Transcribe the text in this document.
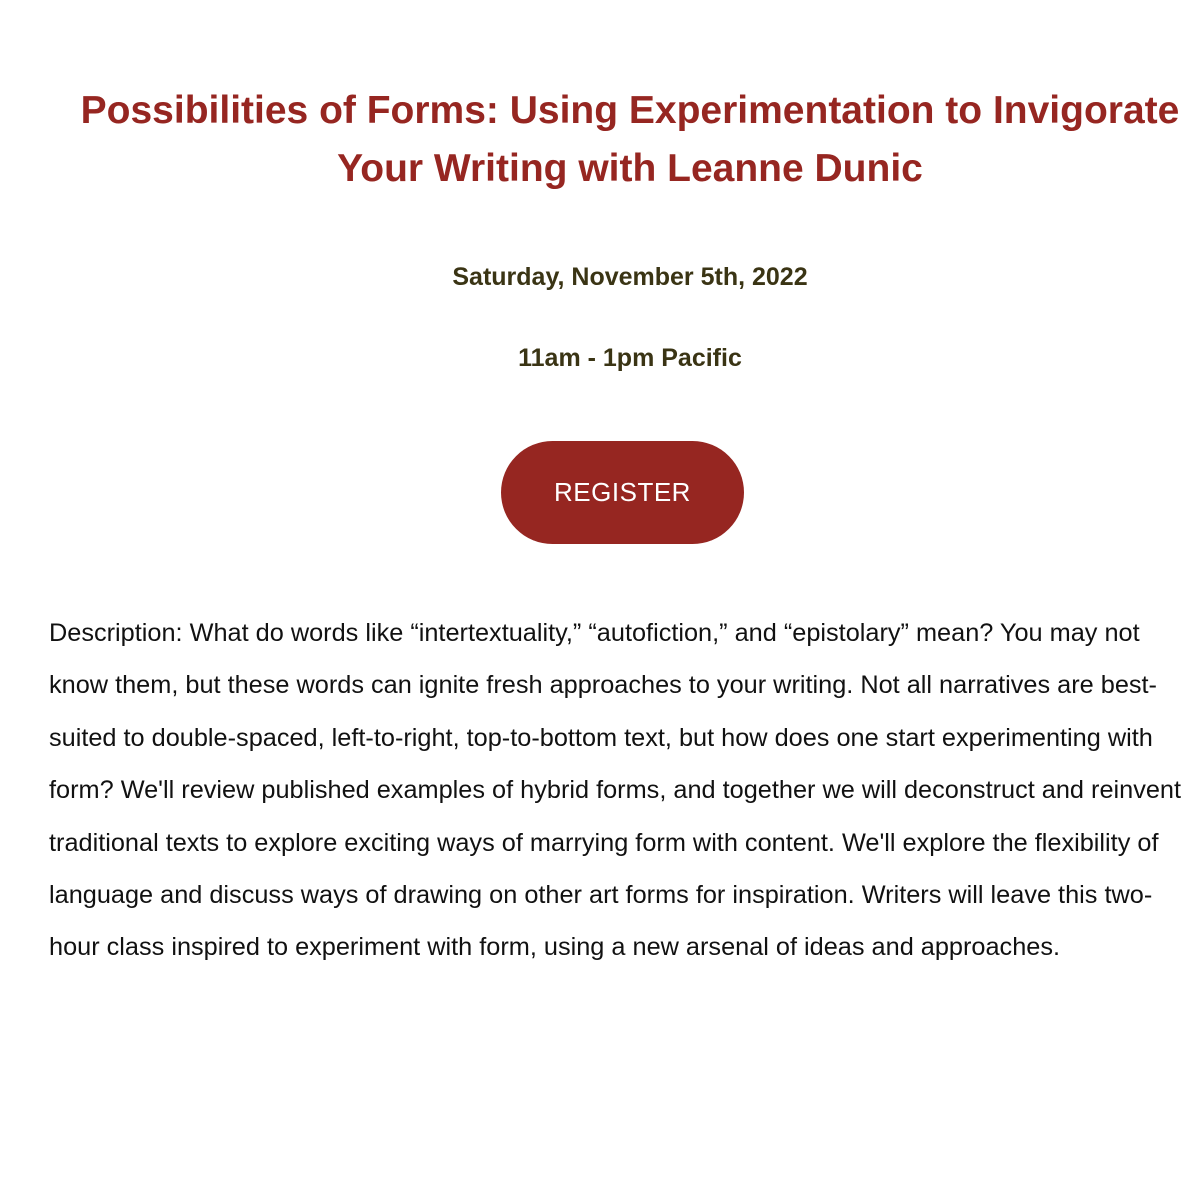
Possibilities of Forms: Using Experimentation to Invigorate Your Writing with Leanne Dunic

Saturday, November 5th, 2022

11am - 1pm Pacific

REGISTER

Description: What do words like “intertextuality,” “autofiction,” and “epistolary” mean? You may not know them, but these words can ignite fresh approaches to your writing. Not all narratives are best-suited to double-spaced, left-to-right, top-to-bottom text, but how does one start experimenting with form? We'll review published examples of hybrid forms, and together we will deconstruct and reinvent traditional texts to explore exciting ways of marrying form with content. We'll explore the flexibility of language and discuss ways of drawing on other art forms for inspiration. Writers will leave this two-hour class inspired to experiment with form, using a new arsenal of ideas and approaches.
